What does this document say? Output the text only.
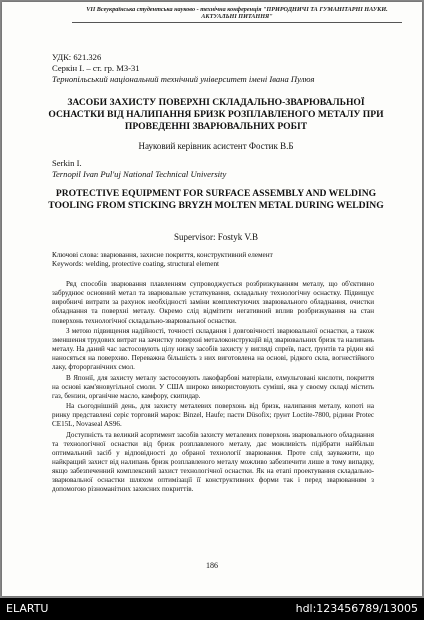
VII Всеукраїнська студентська науково - технічна конференція "ПРИРОДНИЧІ ТА ГУМАНІТАРНІ НАУКИ. АКТУАЛЬНІ ПИТАННЯ"
УДК: 621.326
Серкін І. – ст. гр. МЗ-31
Тернопільський національний технічний університет імені Івана Пулюя
ЗАСОБИ ЗАХИСТУ ПОВЕРХНІ СКЛАДАЛЬНО-ЗВАРЮВАЛЬНОЇ ОСНАСТКИ ВІД НАЛИПАННЯ БРИЗК РОЗПЛАВЛЕНОГО МЕТАЛУ ПРИ ПРОВЕДЕННІ ЗВАРЮВАЛЬНИХ РОБІТ
Науковий керівник асистент Фостик В.Б
Serkin I.
Ternopil Ivan Pul'uj National Technical University
PROTECTIVE EQUIPMENT FOR SURFACE ASSEMBLY AND WELDING TOOLING FROM STICKING BRYZH MOLTEN METAL DURING WELDING
Supervisor: Fostyk V.B
Ключові слова: зварювання, захисне покриття, конструктивний елемент
Keywords: welding, protective coating, structural element

Ряд способів зварювання плавленням супроводжується розбризкуванням металу, що об'єктивно забруднює основний метал та зварювальне устаткування, складальну технологічну оснастку. Підвищує виробничі витрати за рахунок необхідності заміни комплектуючих зварювального обладнання, очистки обладнання та поверхні металу. Окремо слід відмітити негативний вплив розбризкування на стан поверхонь технологічної складально-зварювальної оснастки.

З метою підвищення надійності, точності складання і довговічності зварювальної оснастки, а також зменшення трудових витрат на зачистку поверхні металоконструкцій від зварювальних бризк та налипань металу. На даний час застосовують цілу низку засобів захисту у вигляді спреїв, паст, ґрунтів та рідин які наносяться на поверхню. Переважна більшість з них виготовлена на основі, рідкого скла, вогнестійкого лаку, фторорганічних смол.

В Японії, для захисту металу застосовують лакофарбові матеріали, елмульговані кислоти, покриття на основі кам'яновугільної смоли. У США широко використовують суміші, яка у своєму складі містить газ, бензин, органічне масло, камфору, скипидар.

На сьогоднішній день, для захисту металевих поверхонь від бризк, налипання металу, копоті на ринку представлені серіє торговий марок: Binzel, Haufe; пасти Düsofix; ґрунт Loctite-7800, рідини Protec CE15L, Novaseal AS96.

Доступність та великий асортимент засобів захисту металевих поверхонь зварювального обладнання та технологічної оснастки від бризк розплавленого металу, дає можливість підібрати найбільш оптимальний засіб у відповідності до обраної технології зварювання. Проте слід зауважити, що найкращий захист від налипань бризк розплавленого металу можливо забезпечити лише в тому випадку, якщо забезпеченний комплексний захист технологічної оснастки. Як на етапі проектування складально-зварювальної оснастки шляхом оптимізації її конструктивних форми так і перед зварюванням з допомогою різноманітних захисних покриттів.

186
ELARTU	hdl:123456789/13005
